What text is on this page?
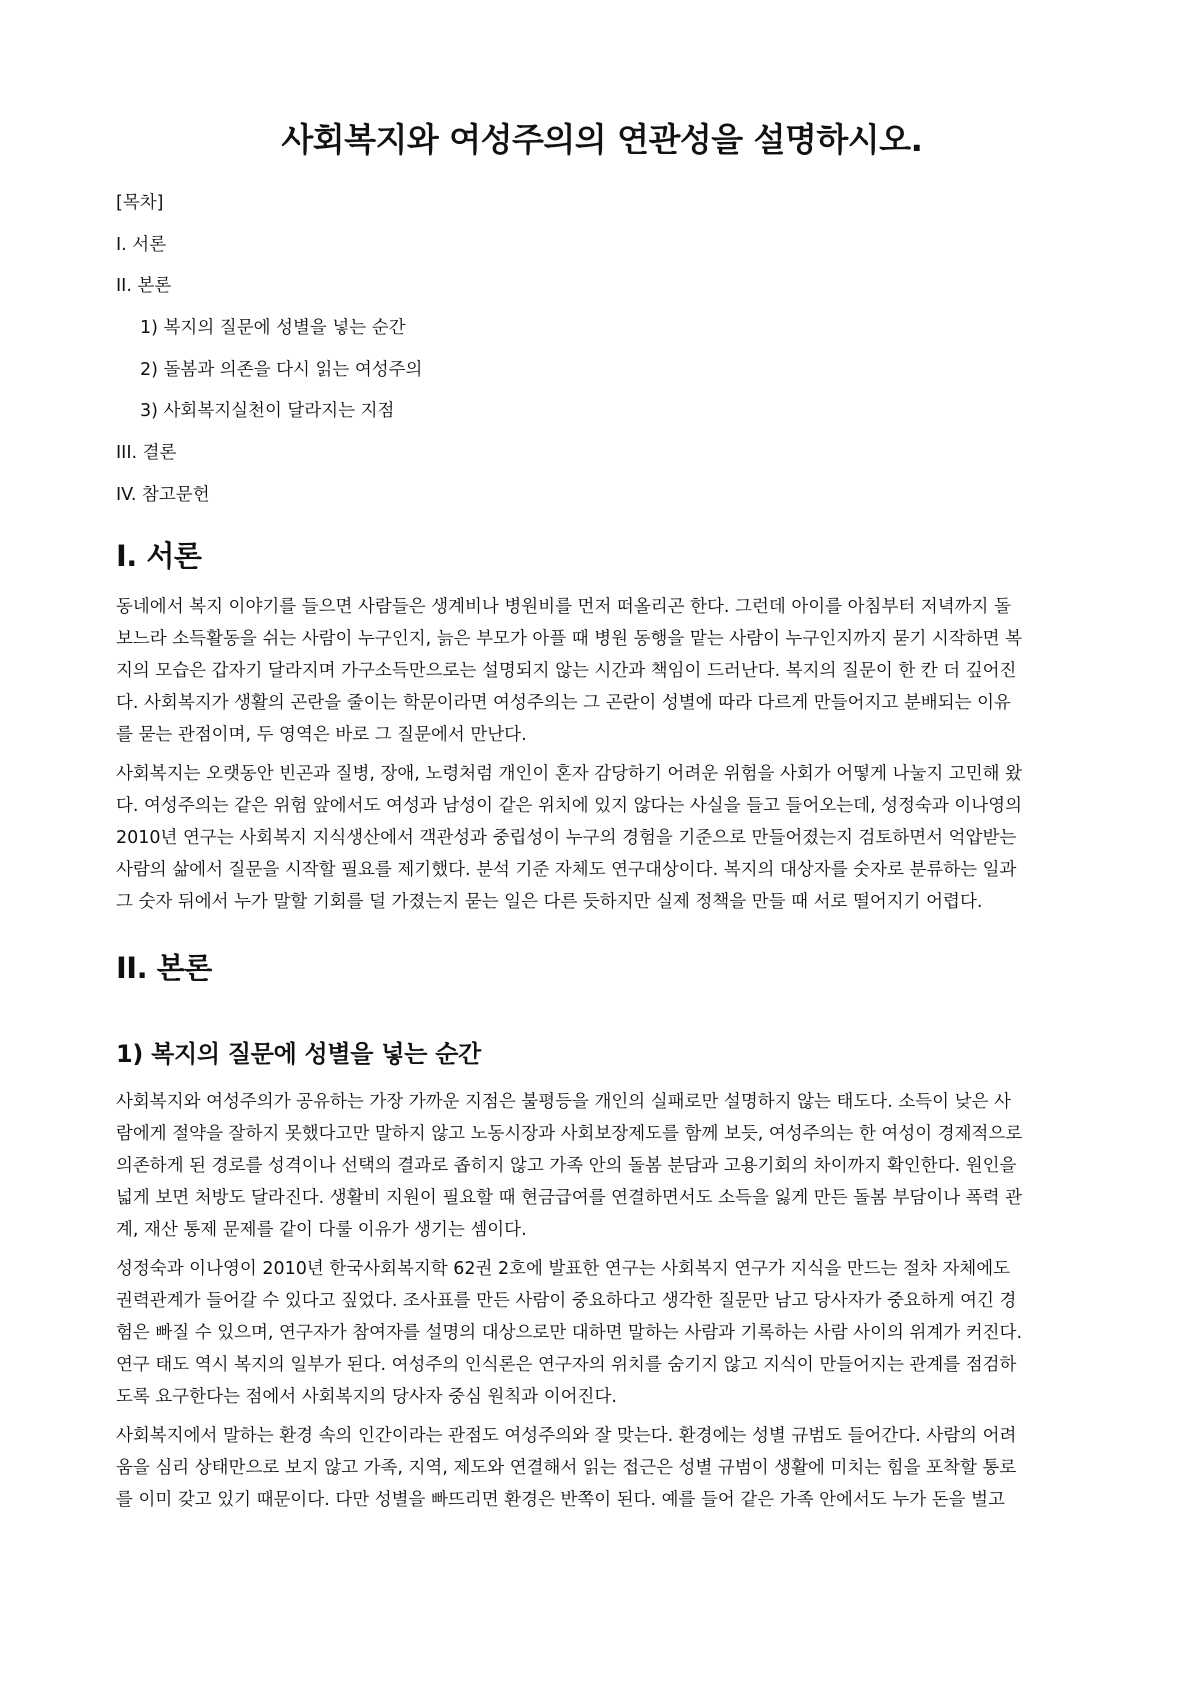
사회복지와 여성주의의 연관성을 설명하시오.
[목차]
I. 서론
II. 본론
1) 복지의 질문에 성별을 넣는 순간
2) 돌봄과 의존을 다시 읽는 여성주의
3) 사회복지실천이 달라지는 지점
III. 결론
IV. 참고문헌
I. 서론

동네에서 복지 이야기를 들으면 사람들은 생계비나 병원비를 먼저 떠올리곤 한다. 그런데 아이를 아침부터 저녁까지 돌
보느라 소득활동을 쉬는 사람이 누구인지, 늙은 부모가 아플 때 병원 동행을 맡는 사람이 누구인지까지 묻기 시작하면 복
지의 모습은 갑자기 달라지며 가구소득만으로는 설명되지 않는 시간과 책임이 드러난다. 복지의 질문이 한 칸 더 깊어진
다. 사회복지가 생활의 곤란을 줄이는 학문이라면 여성주의는 그 곤란이 성별에 따라 다르게 만들어지고 분배되는 이유
를 묻는 관점이며, 두 영역은 바로 그 질문에서 만난다.

사회복지는 오랫동안 빈곤과 질병, 장애, 노령처럼 개인이 혼자 감당하기 어려운 위험을 사회가 어떻게 나눌지 고민해 왔
다. 여성주의는 같은 위험 앞에서도 여성과 남성이 같은 위치에 있지 않다는 사실을 들고 들어오는데, 성정숙과 이나영의
2010년 연구는 사회복지 지식생산에서 객관성과 중립성이 누구의 경험을 기준으로 만들어졌는지 검토하면서 억압받는
사람의 삶에서 질문을 시작할 필요를 제기했다. 분석 기준 자체도 연구대상이다. 복지의 대상자를 숫자로 분류하는 일과
그 숫자 뒤에서 누가 말할 기회를 덜 가졌는지 묻는 일은 다른 듯하지만 실제 정책을 만들 때 서로 떨어지기 어렵다.

II. 본론
1) 복지의 질문에 성별을 넣는 순간

사회복지와 여성주의가 공유하는 가장 가까운 지점은 불평등을 개인의 실패로만 설명하지 않는 태도다. 소득이 낮은 사
람에게 절약을 잘하지 못했다고만 말하지 않고 노동시장과 사회보장제도를 함께 보듯, 여성주의는 한 여성이 경제적으로
의존하게 된 경로를 성격이나 선택의 결과로 좁히지 않고 가족 안의 돌봄 분담과 고용기회의 차이까지 확인한다. 원인을
넓게 보면 처방도 달라진다. 생활비 지원이 필요할 때 현금급여를 연결하면서도 소득을 잃게 만든 돌봄 부담이나 폭력 관
계, 재산 통제 문제를 같이 다룰 이유가 생기는 셈이다.

성정숙과 이나영이 2010년 한국사회복지학 62권 2호에 발표한 연구는 사회복지 연구가 지식을 만드는 절차 자체에도
권력관계가 들어갈 수 있다고 짚었다. 조사표를 만든 사람이 중요하다고 생각한 질문만 남고 당사자가 중요하게 여긴 경
험은 빠질 수 있으며, 연구자가 참여자를 설명의 대상으로만 대하면 말하는 사람과 기록하는 사람 사이의 위계가 커진다.
연구 태도 역시 복지의 일부가 된다. 여성주의 인식론은 연구자의 위치를 숨기지 않고 지식이 만들어지는 관계를 점검하
도록 요구한다는 점에서 사회복지의 당사자 중심 원칙과 이어진다.

사회복지에서 말하는 환경 속의 인간이라는 관점도 여성주의와 잘 맞는다. 환경에는 성별 규범도 들어간다. 사람의 어려
움을 심리 상태만으로 보지 않고 가족, 지역, 제도와 연결해서 읽는 접근은 성별 규범이 생활에 미치는 힘을 포착할 통로
를 이미 갖고 있기 때문이다. 다만 성별을 빠뜨리면 환경은 반쪽이 된다. 예를 들어 같은 가족 안에서도 누가 돈을 벌고
